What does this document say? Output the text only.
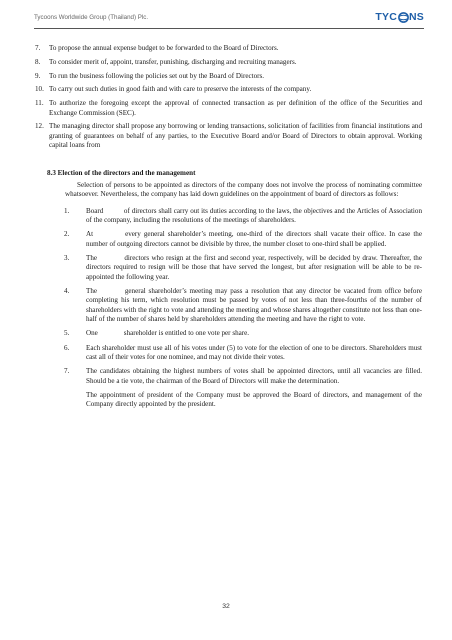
Tycoons Worldwide Group (Thailand) Plc.	TYC NS
7. To propose the annual expense budget to be forwarded to the Board of Directors.
8. To consider merit of, appoint, transfer, punishing, discharging and recruiting managers.
9. To run the business following the policies set out by the Board of Directors.
10. To carry out such duties in good faith and with care to preserve the interests of the company.
11. To authorize the foregoing except the approval of connected transaction as per definition of the office of the Securities and Exchange Commission (SEC).
12. The managing director shall propose any borrowing or lending transactions, solicitation of facilities from financial institutions and granting of guarantees on behalf of any parties, to the Executive Board and/or Board of Directors to obtain approval. Working capital loans from
8.3 Election of the directors and the management
Selection of persons to be appointed as directors of the company does not involve the process of nominating committee whatsoever. Nevertheless, the company has laid down guidelines on the appointment of board of directors as follows:
1. Board	of directors shall carry out its duties according to the laws, the objectives and the Articles of Association of the company, including the resolutions of the meetings of shareholders.
2. At	every general shareholder’s meeting, one-third of the directors shall vacate their office. In case the number of outgoing directors cannot be divisible by three, the number closet to one-third shall be applied.
3. The	directors who resign at the first and second year, respectively, will be decided by draw. Thereafter, the directors required to resign will be those that have served the longest, but after resignation will be able to be re-appointed the following year.
4. The	general shareholder’s meeting may pass a resolution that any director be vacated from office before completing his term, which resolution must be passed by votes of not less than three-fourths of the number of shareholders with the right to vote and attending the meeting and whose shares altogether constitute not less than one-half of the number of shares held by shareholders attending the meeting and have the right to vote.
5. One	shareholder is entitled to one vote per share.
6. Each shareholder must use all of his votes under (5) to vote for the election of one to be directors. Shareholders must cast all of their votes for one nominee, and may not divide their votes.
7. The candidates obtaining the highest numbers of votes shall be appointed directors, until all vacancies are filled. Should be a tie vote, the chairman of the Board of Directors will make the determination.
The appointment of president of the Company must be approved the Board of directors, and management of the Company directly appointed by the president.
32
